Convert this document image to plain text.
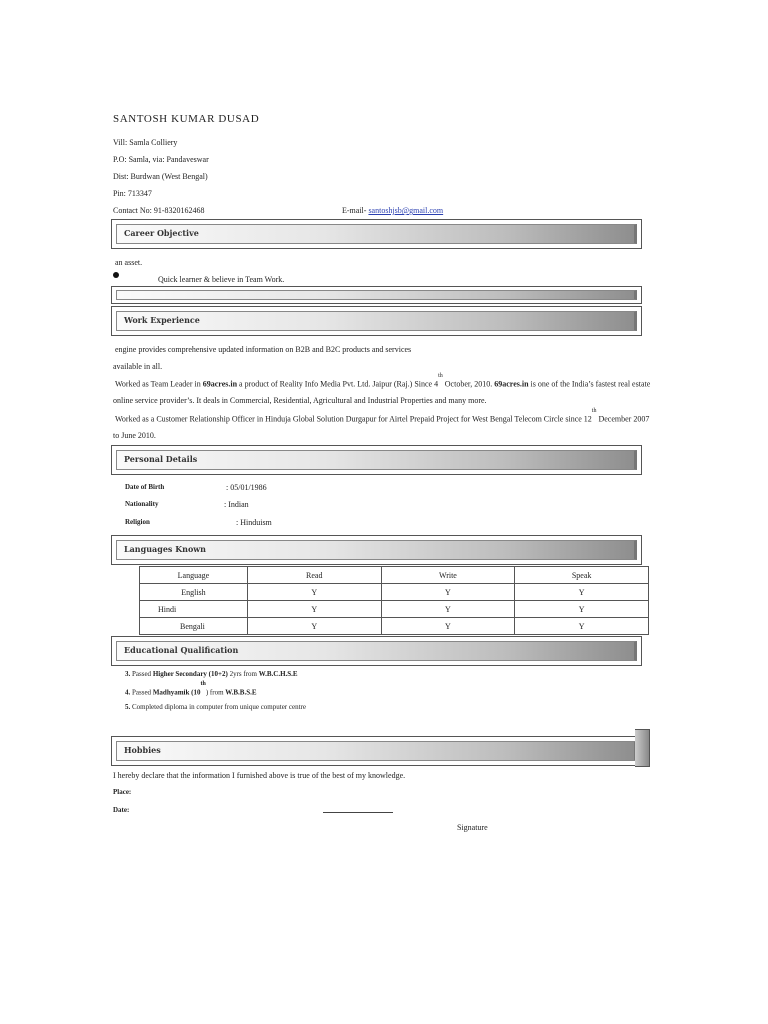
SANTOSH KUMAR DUSAD
Vill: Samla Colliery
P.O: Samla, via: Pandaveswar
Dist: Burdwan (West Bengal)
Pin: 713347
Contact No: 91-8320162468	E-mail- santoshjsb@gmail.com
Career Objective
an asset.
Quick learner & believe in Team Work.
Work Experience
engine provides comprehensive updated information on B2B and B2C products and services
available in all.
Worked as Team Leader in 69acres.in a product of Reality Info Media Pvt. Ltd. Jaipur (Raj.) Since 4th October, 2010. 69acres.in is one of the India’s fastest real estate
online service provider’s. It deals in Commercial, Residential, Agricultural and Industrial Properties and many more.
Worked as a Customer Relationship Officer in Hinduja Global Solution Durgapur for Airtel Prepaid Project for West Bengal Telecom Circle since 12th December 2007
to June 2010.
Personal Details
Date of Birth	: 05/01/1986
Nationality	: Indian
Religion	: Hinduism
Languages Known
Language	Read	Write	Speak
English	Y	Y	Y
Hindi	Y	Y	Y
Bengali	Y	Y	Y
Educational Qualification
3. Passed Higher Secondary (10+2) 2yrs from W.B.C.H.S.E
4. Passed Madhyamik (10th) from W.B.B.S.E
5. Completed diploma in computer from unique computer centre
Hobbies
I hereby declare that the information I furnished above is true of the best of my knowledge.
Place:
Date:
Signature
